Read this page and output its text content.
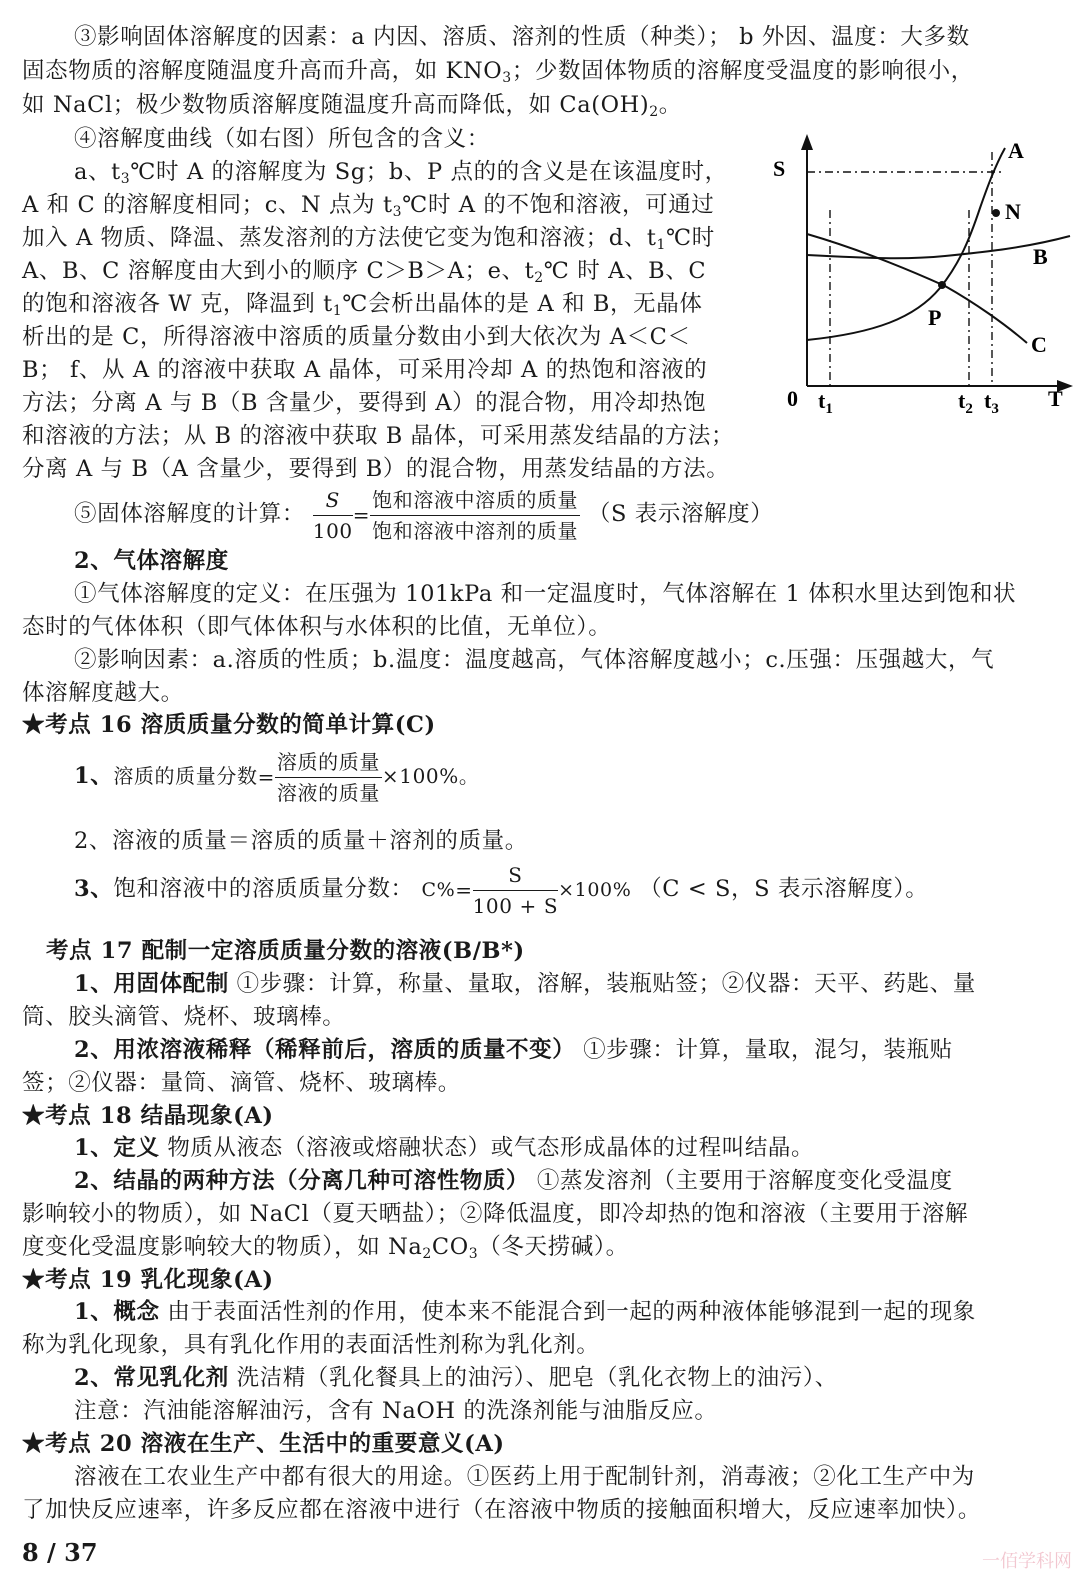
③影响固体溶解度的因素：a 内因、溶质、溶剂的性质（种类）； b 外因、温度：大多数
固态物质的溶解度随温度升高而升高，如 $KNO_3$；少数固体物质的溶解度受温度的影响很小，
如 NaCl；极少数物质溶解度随温度升高而降低，如 $Ca(OH)_2$。
④溶解度曲线（如右图）所包含的含义：
a、$t_3℃$时 A 的溶解度为 Sg；b、P 点的的含义是在该温度时，
A 和 C 的溶解度相同；c、N 点为 $t_3℃$时 A 的不饱和溶液，可通过
加入 A 物质、降温、蒸发溶剂的方法使它变为饱和溶液；d、$t_1℃$时
A、B、C 溶解度由大到小的顺序 C＞B＞A；e、$t_2℃$ 时 A、B、C
的饱和溶液各 W 克，降温到 $t_1℃$会析出晶体的是 A 和 B，无晶体
析出的是 C，所得溶液中溶质的质量分数由小到大依次为 A＜C＜
B； f、从 A 的溶液中获取 A 晶体，可采用冷却 A 的热饱和溶液的
方法；分离 A 与 B（B 含量少，要得到 A）的混合物，用冷却热饱
和溶液的方法；从 B 的溶液中获取 B 晶体，可采用蒸发结晶的方法；
分离 A 与 B（A 含量少，要得到 B）的混合物，用蒸发结晶的方法。
S
T
0 $t_1$	$t_2$ $t_3$
A
B
C
P
N
⑤固体溶解度的计算： $\frac{S}{100} = \frac{\text{饱和溶液中溶质的质量}}{\text{饱和溶液中溶剂的质量}} (S$ 表示溶解度）
2、气体溶解度
①气体溶解度的定义：在压强为 101kPa 和一定温度时，气体溶解在 1 体积水里达到饱和状
态时的气体体积（即气体体积与水体积的比值，无单位）。
②影响因素：a.溶质的性质；b.温度：温度越高，气体溶解度越小；c.压强：压强越大，气
体溶解度越大。
★考点 16 溶质质量分数的简单计算(C)
1、溶质的质量分数= $\frac{\text{溶质的质量}}{\text{溶液的质量}} \times 100\%$。
2、溶液的质量＝溶质的质量＋溶剂的质量。
3、饱和溶液中的溶质质量分数： $C\%= \frac{S}{100 + S} \times 100\%$ （C < S，S 表示溶解度）。
考点 17 配制一定溶质质量分数的溶液(B/B*)
1、用固体配制 ①步骤：计算，称量、量取，溶解，装瓶贴签；②仪器：天平、药匙、量
筒、胶头滴管、烧杯、玻璃棒。
2、用浓溶液稀释（稀释前后，溶质的质量不变） ①步骤：计算，量取，混匀，装瓶贴
签；②仪器：量筒、滴管、烧杯、玻璃棒。
★考点 18 结晶现象(A)
1、定义 物质从液态（溶液或熔融状态）或气态形成晶体的过程叫结晶。
2、结晶的两种方法（分离几种可溶性物质） ①蒸发溶剂（主要用于溶解度变化受温度
影响较小的物质），如 NaCl（夏天晒盐）；②降低温度，即冷却热的饱和溶液（主要用于溶解
度变化受温度影响较大的物质），如 $Na_2CO_3$（冬天捞碱）。
★考点 19 乳化现象(A)
1、概念 由于表面活性剂的作用，使本来不能混合到一起的两种液体能够混到一起的现象
称为乳化现象，具有乳化作用的表面活性剂称为乳化剂。
2、常见乳化剂 洗洁精（乳化餐具上的油污）、肥皂（乳化衣物上的油污）、
注意：汽油能溶解油污，含有 NaOH 的洗涤剂能与油脂反应。
★考点 20 溶液在生产、生活中的重要意义(A)
溶液在工农业生产中都有很大的用途。①医药上用于配制针剂，消毒液；②化工生产中为
了加快反应速率，许多反应都在溶液中进行（在溶液中物质的接触面积增大，反应速率加快）。
8 / 37	一佰学科网
